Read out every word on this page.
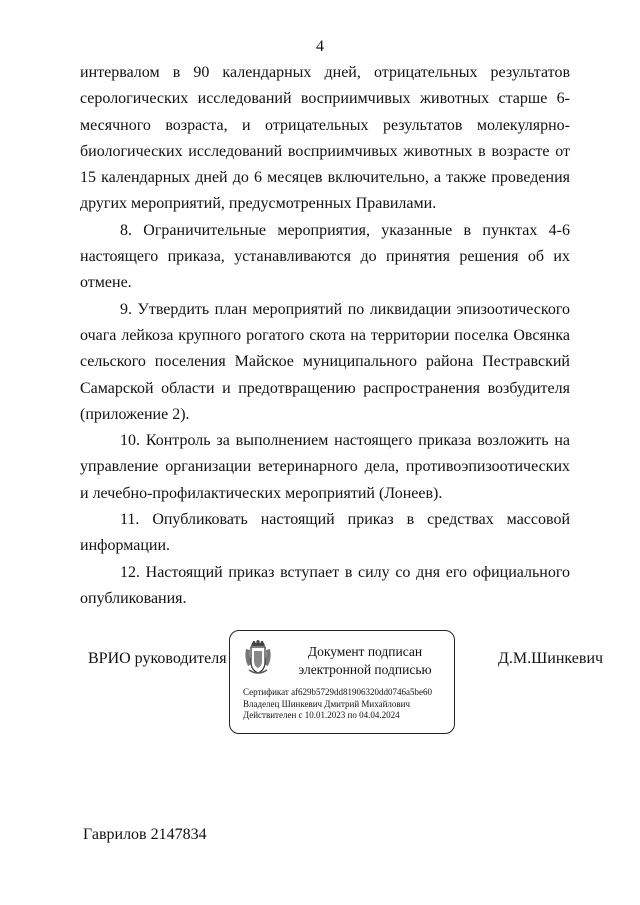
4

интервалом в 90 календарных дней, отрицательных результатов серологических исследований восприимчивых животных старше 6-месячного возраста, и отрицательных результатов молекулярно-биологических исследований восприимчивых животных в возрасте от 15 календарных дней до 6 месяцев включительно, а также проведения других мероприятий, предусмотренных Правилами.

8. Ограничительные мероприятия, указанные в пунктах 4-6 настоящего приказа, устанавливаются до принятия решения об их отмене.

9. Утвердить план мероприятий по ликвидации эпизоотического очага лейкоза крупного рогатого скота на территории поселка Овсянка сельского поселения Майское муниципального района Пестравский Самарской области и предотвращению распространения возбудителя (приложение 2).

10. Контроль за выполнением настоящего приказа возложить на управление организации ветеринарного дела, противоэпизоотических и лечебно-профилактических мероприятий (Лонеев).

11. Опубликовать настоящий приказ в средствах массовой информации.

12. Настоящий приказ вступает в силу со дня его официального опубликования.

ВРИО руководителя	Документ подписан
электронной подписью
Сертификат af629b5729dd81906320dd0746a5be60
Владелец Шинкевич Дмитрий Михайлович
Действителен с 10.01.2023 по 04.04.2024
Д.М.Шинкевич
Гаврилов 2147834
